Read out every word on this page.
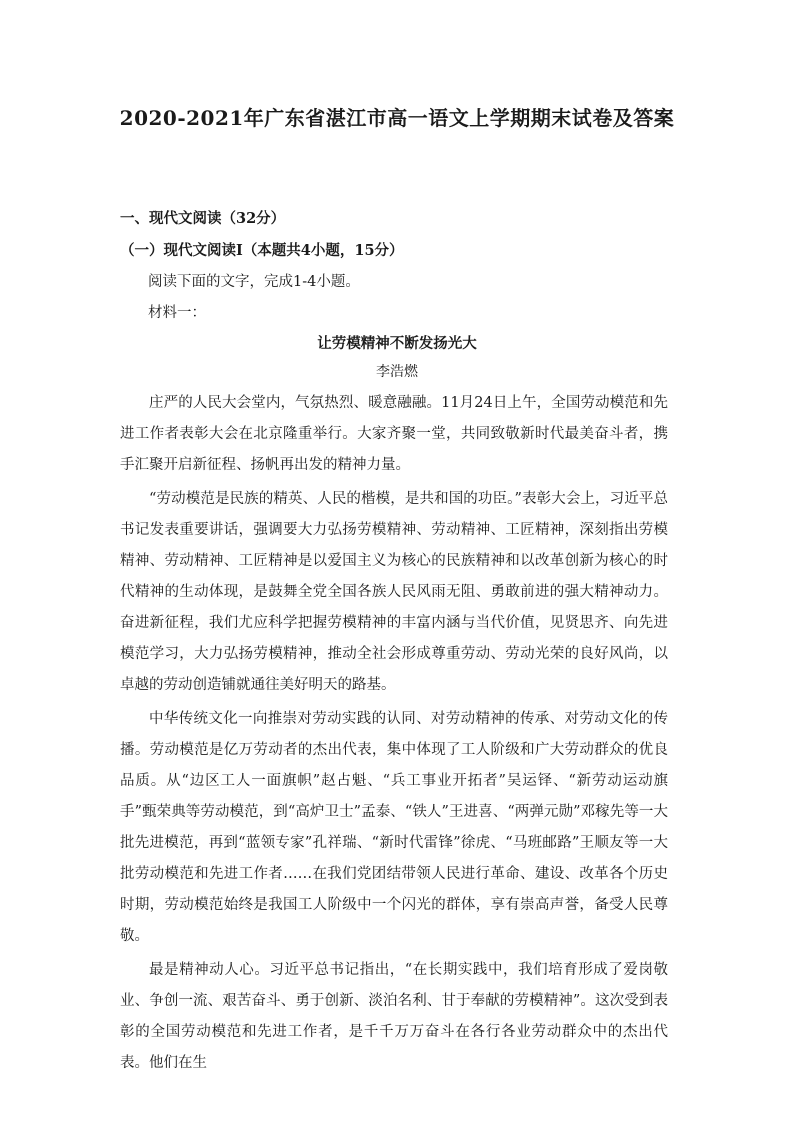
2020-2021年广东省湛江市高一语文上学期期末试卷及答案

一、现代文阅读（32分）

（一）现代文阅读Ⅰ（本题共4小题，15分）

阅读下面的文字，完成1-4小题。

材料一：

让劳模精神不断发扬光大

李浩燃

庄严的人民大会堂内，气氛热烈、暖意融融。11月24日上午，全国劳动模范和先进工作者表彰大会在北京隆重举行。大家齐聚一堂，共同致敬新时代最美奋斗者，携手汇聚开启新征程、扬帆再出发的精神力量。

“劳动模范是民族的精英、人民的楷模，是共和国的功臣。”表彰大会上，习近平总书记发表重要讲话，强调要大力弘扬劳模精神、劳动精神、工匠精神，深刻指出劳模精神、劳动精神、工匠精神是以爱国主义为核心的民族精神和以改革创新为核心的时代精神的生动体现，是鼓舞全党全国各族人民风雨无阻、勇敢前进的强大精神动力。奋进新征程，我们尤应科学把握劳模精神的丰富内涵与当代价值，见贤思齐、向先进模范学习，大力弘扬劳模精神，推动全社会形成尊重劳动、劳动光荣的良好风尚，以卓越的劳动创造铺就通往美好明天的路基。

中华传统文化一向推崇对劳动实践的认同、对劳动精神的传承、对劳动文化的传播。劳动模范是亿万劳动者的杰出代表，集中体现了工人阶级和广大劳动群众的优良品质。从“边区工人一面旗帜”赵占魁、“兵工事业开拓者”吴运铎、“新劳动运动旗手”甄荣典等劳动模范，到“高炉卫士”孟泰、“铁人”王进喜、“两弹元勋”邓稼先等一大批先进模范，再到“蓝领专家”孔祥瑞、“新时代雷锋”徐虎、“马班邮路”王顺友等一大批劳动模范和先进工作者……在我们党团结带领人民进行革命、建设、改革各个历史时期，劳动模范始终是我国工人阶级中一个闪光的群体，享有崇高声誉，备受人民尊敬。

最是精神动人心。习近平总书记指出，“在长期实践中，我们培育形成了爱岗敬业、争创一流、艰苦奋斗、勇于创新、淡泊名利、甘于奉献的劳模精神”。这次受到表彰的全国劳动模范和先进工作者，是千千万万奋斗在各行各业劳动群众中的杰出代表。他们在生
